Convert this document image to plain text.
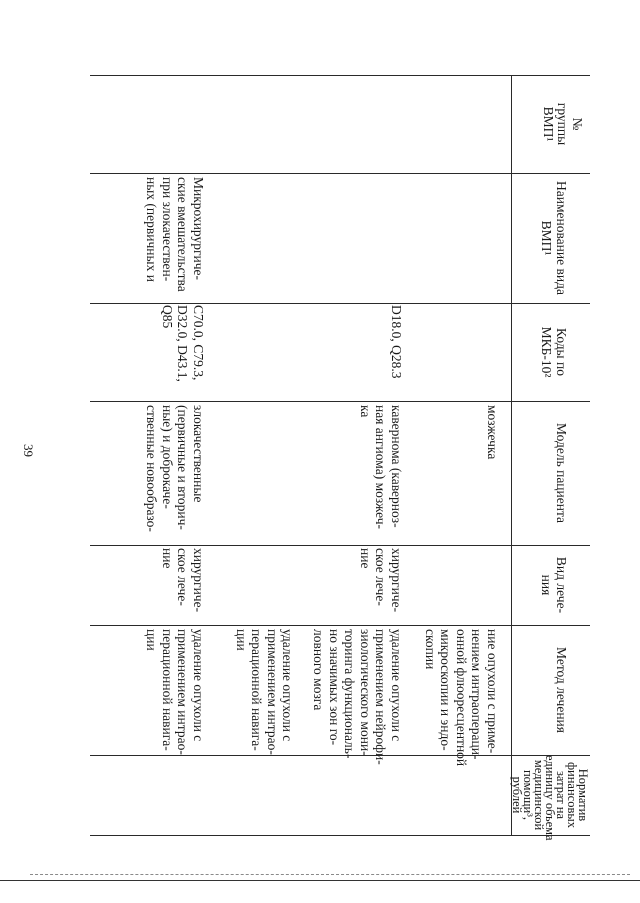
39
№
группы
ВМП¹
Наименование вида
ВМП¹
Коды по
МКБ-10²
Модель пациента
Вид лече-
ния
Метод лечения
Норматив
финансовых
затрат на
единицу объема
медицинской
помощи³,
рублей
мозжечка
ние опухоли с приме-
нением интраопераци-
онной флюоресцентной
микроскопии и эндо-
скопии
D18.0, Q28.3
кавернома (каверноз-
ная ангиома) мозжеч-
ка
хирургиче-
ское лече-
ние
удаление опухоли с
применением нейрофи-
зиологического мони-
торинга функциональ-
но значимых зон го-
ловного мозга

удаление опухоли с
применением интрао-
перационной навига-
ции
Микрохирургиче-
ские вмешательства
при злокачествен-
ных (первичных и
C70.0, C79.3,
D32.0, D43.1,
Q85
злокачественные
(первичные и вторич-
ные) и доброкаче-
ственные новообразо-
хирургиче-
ское лече-
ние
удаление опухоли с
применением интрао-
перационной навига-
ции
